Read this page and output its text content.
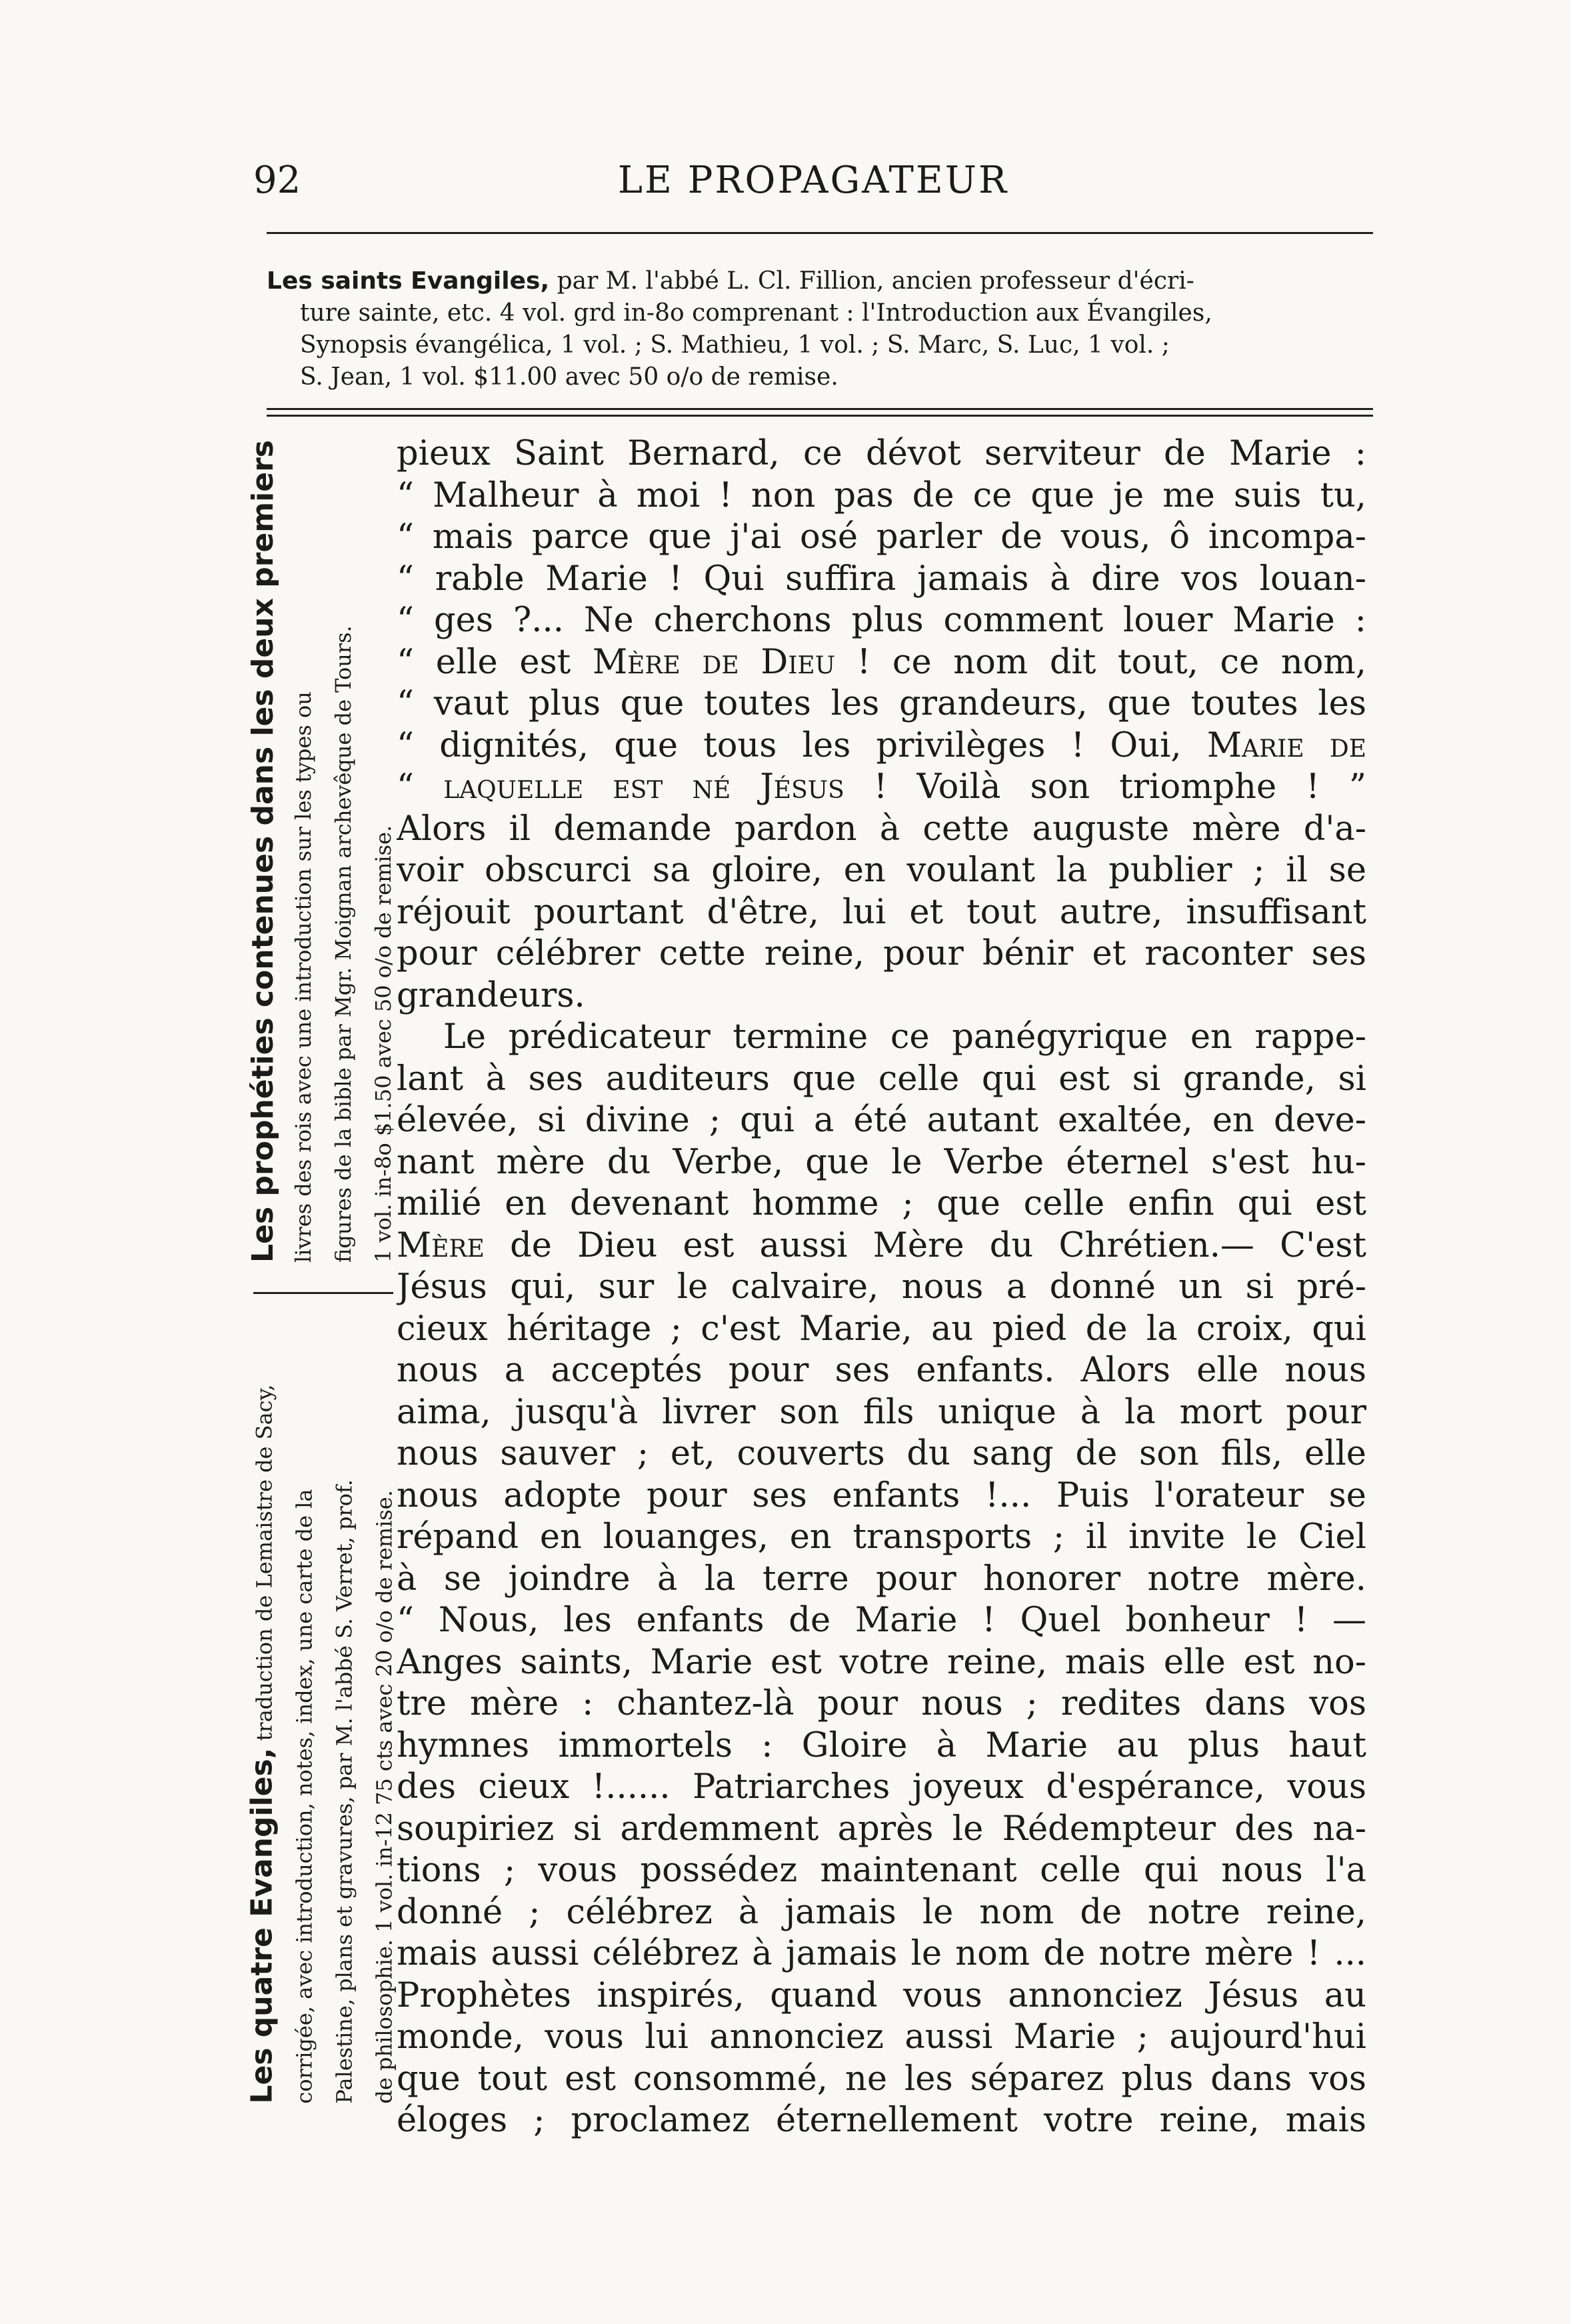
92	LE PROPAGATEUR
Les saints Evangiles, par M. l'abbé L. Cl. Fillion, ancien professeur d'écri-
ture sainte, etc. 4 vol. grd in-8o comprenant : l'Introduction aux Évangiles,
Synopsis évangélica, 1 vol. ; S. Mathieu, 1 vol. ; S. Marc, S. Luc, 1 vol. ;
S. Jean, 1 vol. $11.00 avec 50 o/o de remise.
Les prophéties contenues dans les deux premiers livres des rois avec une introduction sur les types ou figures de la bible par Mgr. Moignan archevêque de Tours. 1 vol. in-8o $1.50 avec 50 o/o de remise.
Les quatre Evangiles, traduction de Lemaistre de Sacy, corrigée, avec introduction, notes, index, une carte de la Palestine, plans et gravures, par M. l'abbé S. Verret, prof. de philosophie. 1 vol. in-12 75 cts avec 20 o/o de remise.
pieux Saint Bernard, ce dévot serviteur de Marie :
“ Malheur à moi ! non pas de ce que je me suis tu,
“ mais parce que j'ai osé parler de vous, ô incompa-
“ rable Marie ! Qui suffira jamais à dire vos louan-
“ ges ?... Ne cherchons plus comment louer Marie :
“ elle est Mère de Dieu ! ce nom dit tout, ce nom,
“ vaut plus que toutes les grandeurs, que toutes les
“ dignités, que tous les privilèges ! Oui, Marie de
“ laquelle est né Jésus ! Voilà son triomphe ! ”
Alors il demande pardon à cette auguste mère d'a-
voir obscurci sa gloire, en voulant la publier ; il se
réjouit pourtant d'être, lui et tout autre, insuffisant
pour célébrer cette reine, pour bénir et raconter ses
grandeurs.
Le prédicateur termine ce panégyrique en rappe-
lant à ses auditeurs que celle qui est si grande, si
élevée, si divine ; qui a été autant exaltée, en deve-
nant mère du Verbe, que le Verbe éternel s'est hu-
milié en devenant homme ; que celle enfin qui est
Mère de Dieu est aussi Mère du Chrétien.— C'est
Jésus qui, sur le calvaire, nous a donné un si pré-
cieux héritage ; c'est Marie, au pied de la croix, qui
nous a acceptés pour ses enfants. Alors elle nous
aima, jusqu'à livrer son fils unique à la mort pour
nous sauver ; et, couverts du sang de son fils, elle
nous adopte pour ses enfants !... Puis l'orateur se
répand en louanges, en transports ; il invite le Ciel
à se joindre à la terre pour honorer notre mère.
“ Nous, les enfants de Marie ! Quel bonheur ! —
Anges saints, Marie est votre reine, mais elle est no-
tre mère : chantez-là pour nous ; redites dans vos
hymnes immortels : Gloire à Marie au plus haut
des cieux !...... Patriarches joyeux d'espérance, vous
soupiriez si ardemment après le Rédempteur des na-
tions ; vous possédez maintenant celle qui nous l'a
donné ; célébrez à jamais le nom de notre reine,
mais aussi célébrez à jamais le nom de notre mère ! ...
Prophètes inspirés, quand vous annonciez Jésus au
monde, vous lui annonciez aussi Marie ; aujourd'hui
que tout est consommé, ne les séparez plus dans vos
éloges ; proclamez éternellement votre reine, mais
